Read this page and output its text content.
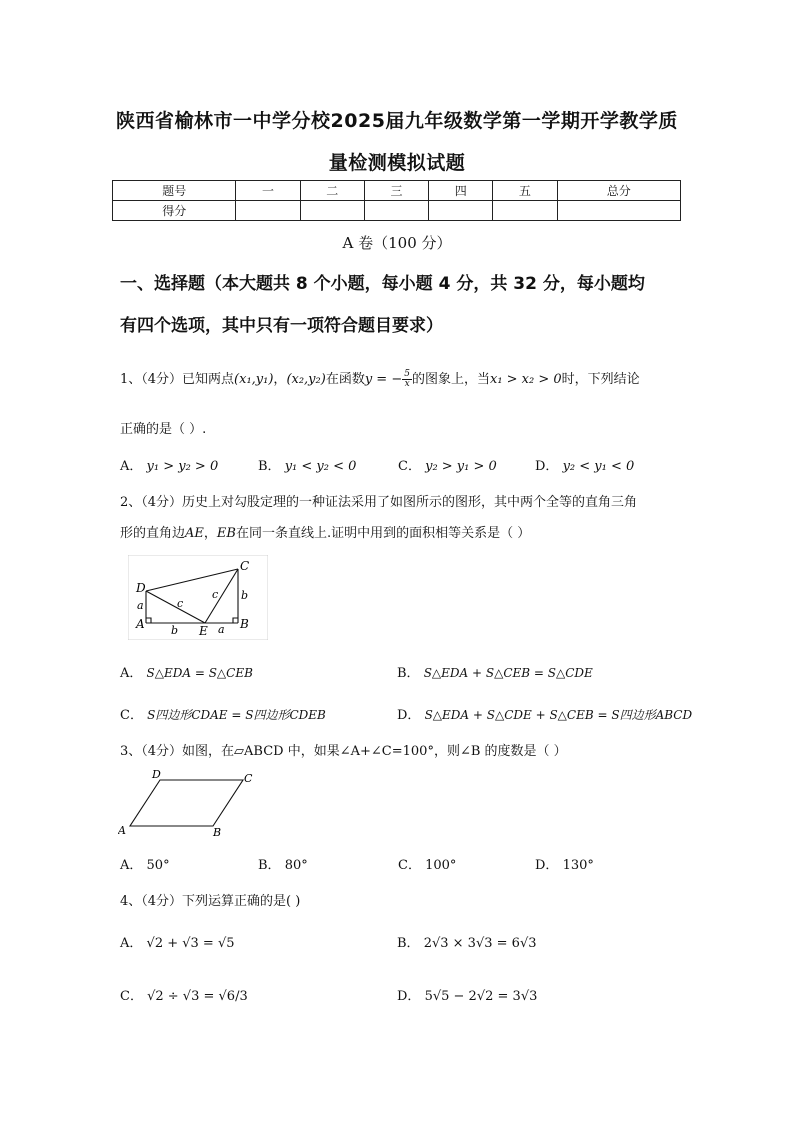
陕西省榆林市一中学分校2025届九年级数学第一学期开学教学质
量检测模拟试题
题号	一	二	三	四	五	总分
得分						
A 卷（100 分）
一、选择题（本大题共 8 个小题，每小题 4 分，共 32 分，每小题均
有四个选项，其中只有一项符合题目要求）
1、（4分）已知两点(x₁,y₁)，(x₂,y₂)在函数y = − $\frac{5}{x}$ 的图象上，当x₁ > x₂ > 0时，下列结论
正确的是（ ）.
A． y₁ > y₂ > 0	B． y₁ < y₂ < 0	C． y₂ > y₁ > 0	D． y₂ < y₁ < 0
2、（4分）历史上对勾股定理的一种证法采用了如图所示的图形，其中两个全等的直角三角
形的直角边AE，EB在同一条直线上.证明中用到的面积相等关系是（ ）
D
C
A	E	B
a	c
c b
b	a
A． S△EDA = S△CEB	B． S△EDA + S△CEB = S△CDE
C． S四边形CDAE = S四边形CDEB	D． S△EDA + S△CDE + S△CEB = S四边形ABCD
3、（4分）如图，在▱ABCD 中，如果∠A+∠C=100°，则∠B 的度数是（ ）
D	C
A	B
A． 50°	B． 80°	C． 100°	D． 130°
4、（4分）下列运算正确的是( )
A． √2 + √3 = √5	B． 2√3 × 3√3 = 6√3
C． √2 ÷ √3 = √6/3	D． 5√5 − 2√2 = 3√3
